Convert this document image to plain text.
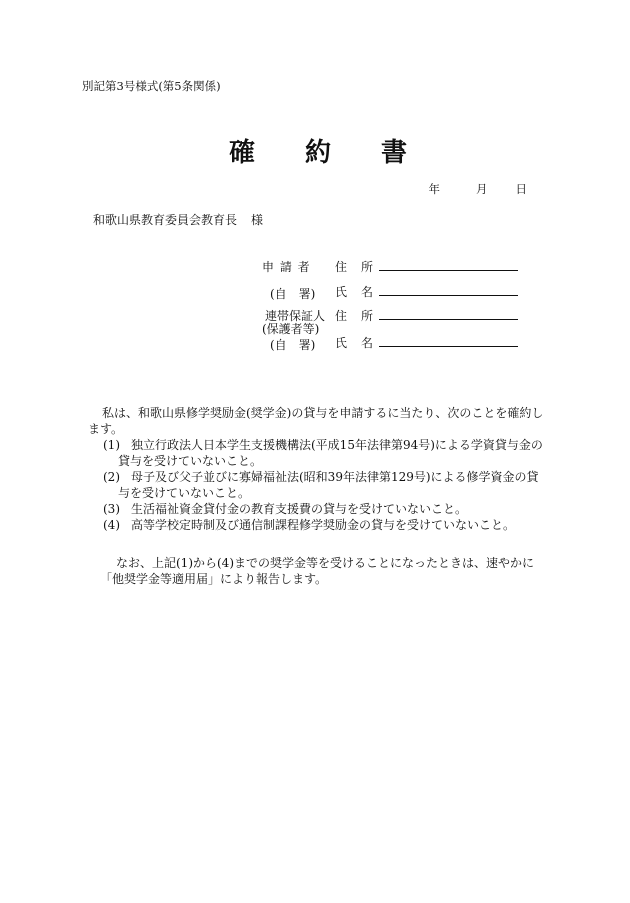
別記第3号様式(第5条関係)
確 約 書
年	月 日
和歌山県教育委員会教育長 様
申 請 者 住 所
(自　署) 氏 名
連帯保証人 住 所
(保護者等)
(自　署) 氏 名

私は、和歌山県修学奨励金(奨学金)の貸与を申請するに当たり、次のことを確約します。

(1) 独立行政法人日本学生支援機構法(平成15年法律第94号)による学資貸与金の貸与を受けていないこと。
(2) 母子及び父子並びに寡婦福祉法(昭和39年法律第129号)による修学資金の貸与を受けていないこと。
(3) 生活福祉資金貸付金の教育支援費の貸与を受けていないこと。
(4) 高等学校定時制及び通信制課程修学奨励金の貸与を受けていないこと。

なお、上記(1)から(4)までの奨学金等を受けることになったときは、速やかに「他奨学金等適用届」により報告します。
